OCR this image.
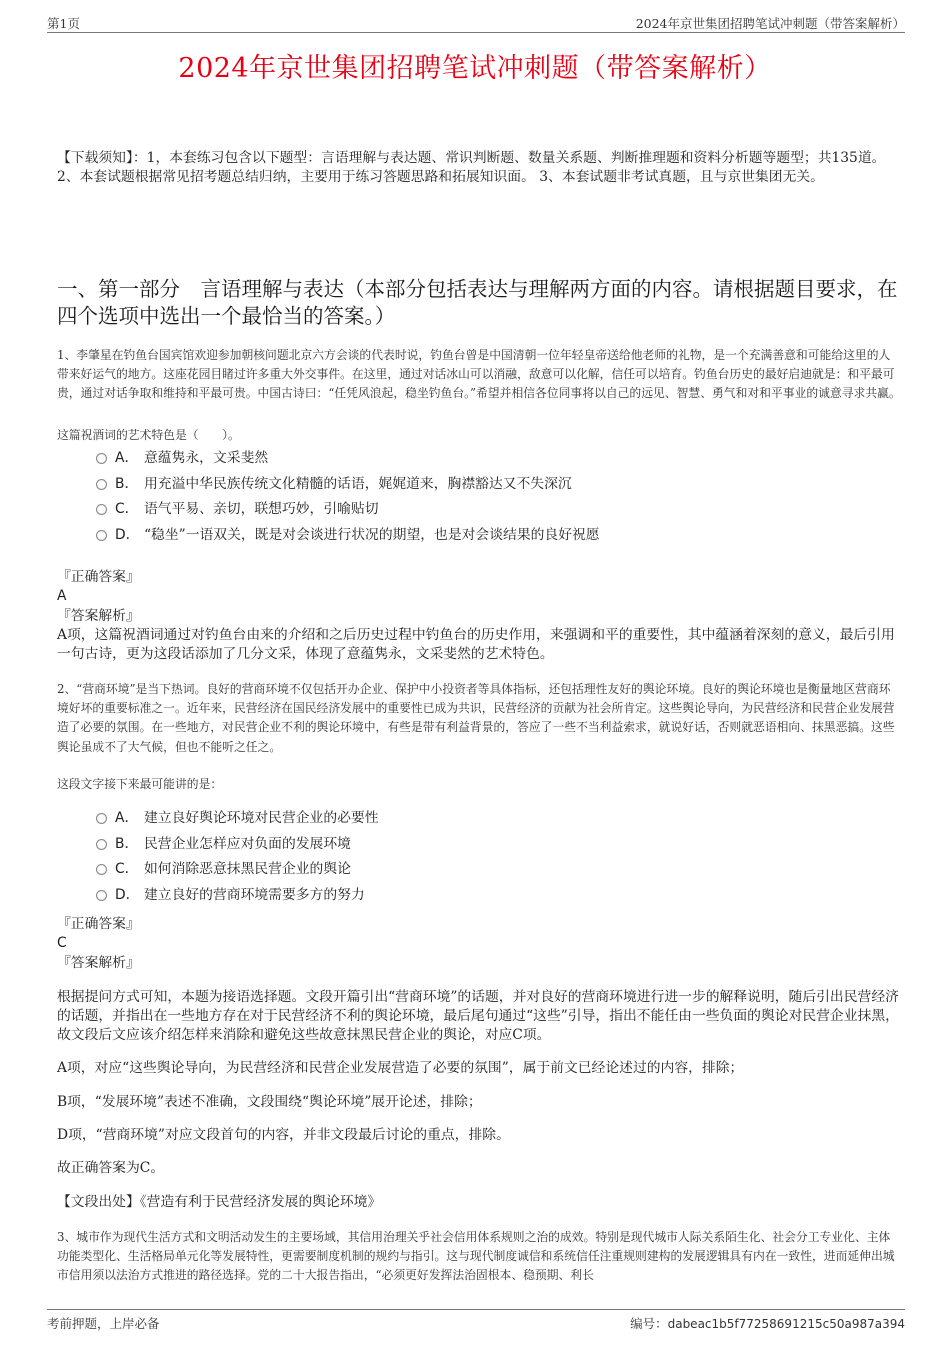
第1页	2024年京世集团招聘笔试冲刺题（带答案解析）
2024年京世集团招聘笔试冲刺题（带答案解析）
【下载须知】：1，本套练习包含以下题型：言语理解与表达题、常识判断题、数量关系题、判断推理题和资料分析题等题型；共135道。 2、本套试题根据常见招考题总结归纳，主要用于练习答题思路和拓展知识面。 3、本套试题非考试真题，且与京世集团无关。
一、第一部分　言语理解与表达（本部分包括表达与理解两方面的内容。请根据题目要求，在四个选项中选出一个最恰当的答案。）
1、李肇星在钓鱼台国宾馆欢迎参加朝核问题北京六方会谈的代表时说，钓鱼台曾是中国清朝一位年轻皇帝送给他老师的礼物，是一个充满善意和可能给这里的人带来好运气的地方。这座花园目睹过许多重大外交事件。在这里，通过对话冰山可以消融，敌意可以化解，信任可以培育。钓鱼台历史的最好启迪就是：和平最可贵，通过对话争取和维持和平最可贵。中国古诗曰：“任凭风浪起，稳坐钓鱼台。”希望并相信各位同事将以自己的远见、智慧、勇气和对和平事业的诚意寻求共赢。
这篇祝酒词的艺术特色是（　　）。
A． 意蕴隽永，文采斐然
B． 用充溢中华民族传统文化精髓的话语，娓娓道来，胸襟豁达又不失深沉
C． 语气平易、亲切，联想巧妙，引喻贴切
D． “稳坐”一语双关，既是对会谈进行状况的期望，也是对会谈结果的良好祝愿
『正确答案』
A
『答案解析』
A项，这篇祝酒词通过对钓鱼台由来的介绍和之后历史过程中钓鱼台的历史作用，来强调和平的重要性，其中蕴涵着深刻的意义，最后引用一句古诗，更为这段话添加了几分文采，体现了意蕴隽永，文采斐然的艺术特色。
2、“营商环境”是当下热词。良好的营商环境不仅包括开办企业、保护中小投资者等具体指标，还包括理性友好的舆论环境。良好的舆论环境也是衡量地区营商环境好坏的重要标准之一。近年来，民营经济在国民经济发展中的重要性已成为共识，民营经济的贡献为社会所肯定。这些舆论导向，为民营经济和民营企业发展营造了必要的氛围。在一些地方，对民营企业不利的舆论环境中，有些是带有利益背景的，答应了一些不当利益索求，就说好话，否则就恶语相向、抹黑恶搞。这些舆论虽成不了大气候，但也不能听之任之。
这段文字接下来最可能讲的是：
A． 建立良好舆论环境对民营企业的必要性
B． 民营企业怎样应对负面的发展环境
C． 如何消除恶意抹黑民营企业的舆论
D． 建立良好的营商环境需要多方的努力
『正确答案』
C
『答案解析』
根据提问方式可知，本题为接语选择题。文段开篇引出“营商环境”的话题，并对良好的营商环境进行进一步的解释说明，随后引出民营经济的话题，并指出在一些地方存在对于民营经济不利的舆论环境，最后尾句通过“这些”引导，指出不能任由一些负面的舆论对民营企业抹黑，故文段后文应该介绍怎样来消除和避免这些故意抹黑民营企业的舆论，对应C项。
A项，对应“这些舆论导向，为民营经济和民营企业发展营造了必要的氛围”，属于前文已经论述过的内容，排除；
B项，“发展环境”表述不准确，文段围绕“舆论环境”展开论述，排除；
D项，“营商环境”对应文段首句的内容，并非文段最后讨论的重点，排除。
故正确答案为C。
【文段出处】《营造有利于民营经济发展的舆论环境》
3、城市作为现代生活方式和文明活动发生的主要场域，其信用治理关乎社会信用体系规则之治的成效。特别是现代城市人际关系陌生化、社会分工专业化、主体功能类型化、生活格局单元化等发展特性，更需要制度机制的规约与指引。这与现代制度诚信和系统信任注重规则建构的发展逻辑具有内在一致性，进而延伸出城市信用须以法治方式推进的路径选择。党的二十大报告指出，“必须更好发挥法治固根本、稳预期、利长
考前押题，上岸必备	编号：dabeac1b5f77258691215c50a987a394
